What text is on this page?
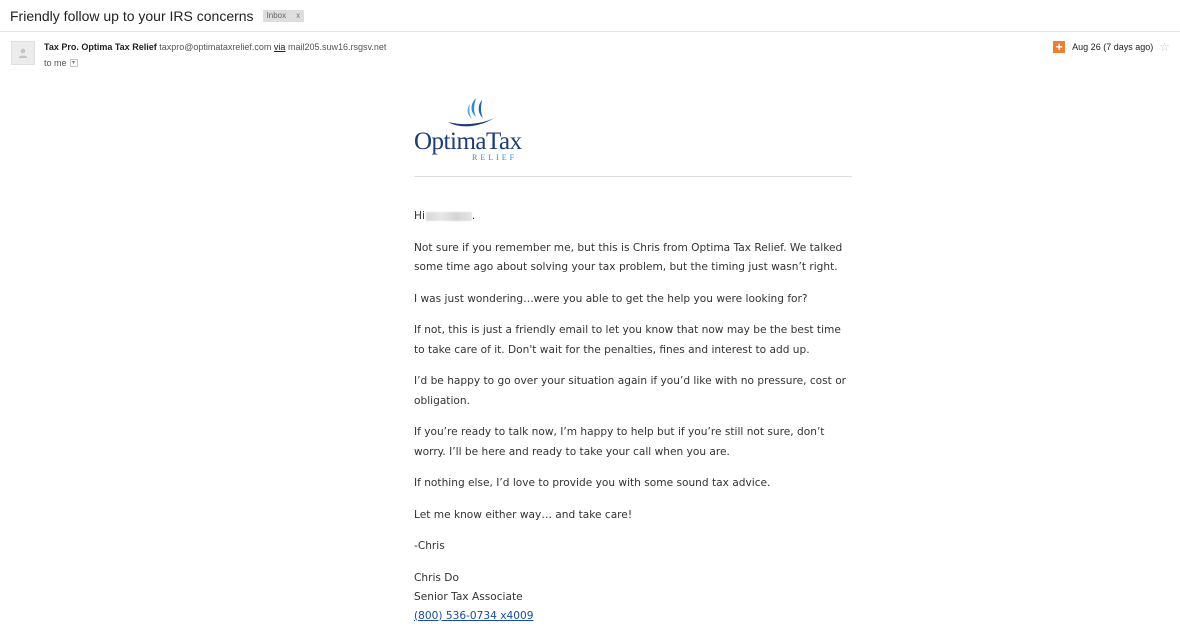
Friendly follow up to your IRS concerns Inbox x
Tax Pro. Optima Tax Relief taxpro@optimataxrelief.com via mail205.suw16.rsgsv.net
to me ▾
+ Aug 26 (7 days ago) ☆
OptimaTax
RELIEF

Hi	.

Not sure if you remember me, but this is Chris from Optima Tax Relief. We talked some time ago about solving your tax problem, but the timing just wasn’t right.

I was just wondering…were you able to get the help you were looking for?

If not, this is just a friendly email to let you know that now may be the best time to take care of it. Don't wait for the penalties, fines and interest to add up.

I’d be happy to go over your situation again if you’d like with no pressure, cost or obligation.

If you’re ready to talk now, I’m happy to help but if you’re still not sure, don’t worry. I’ll be here and ready to take your call when you are.

If nothing else, I’d love to provide you with some sound tax advice.

Let me know either way… and take care!

-Chris

Chris Do

Senior Tax Associate

(800) 536-0734 x4009
